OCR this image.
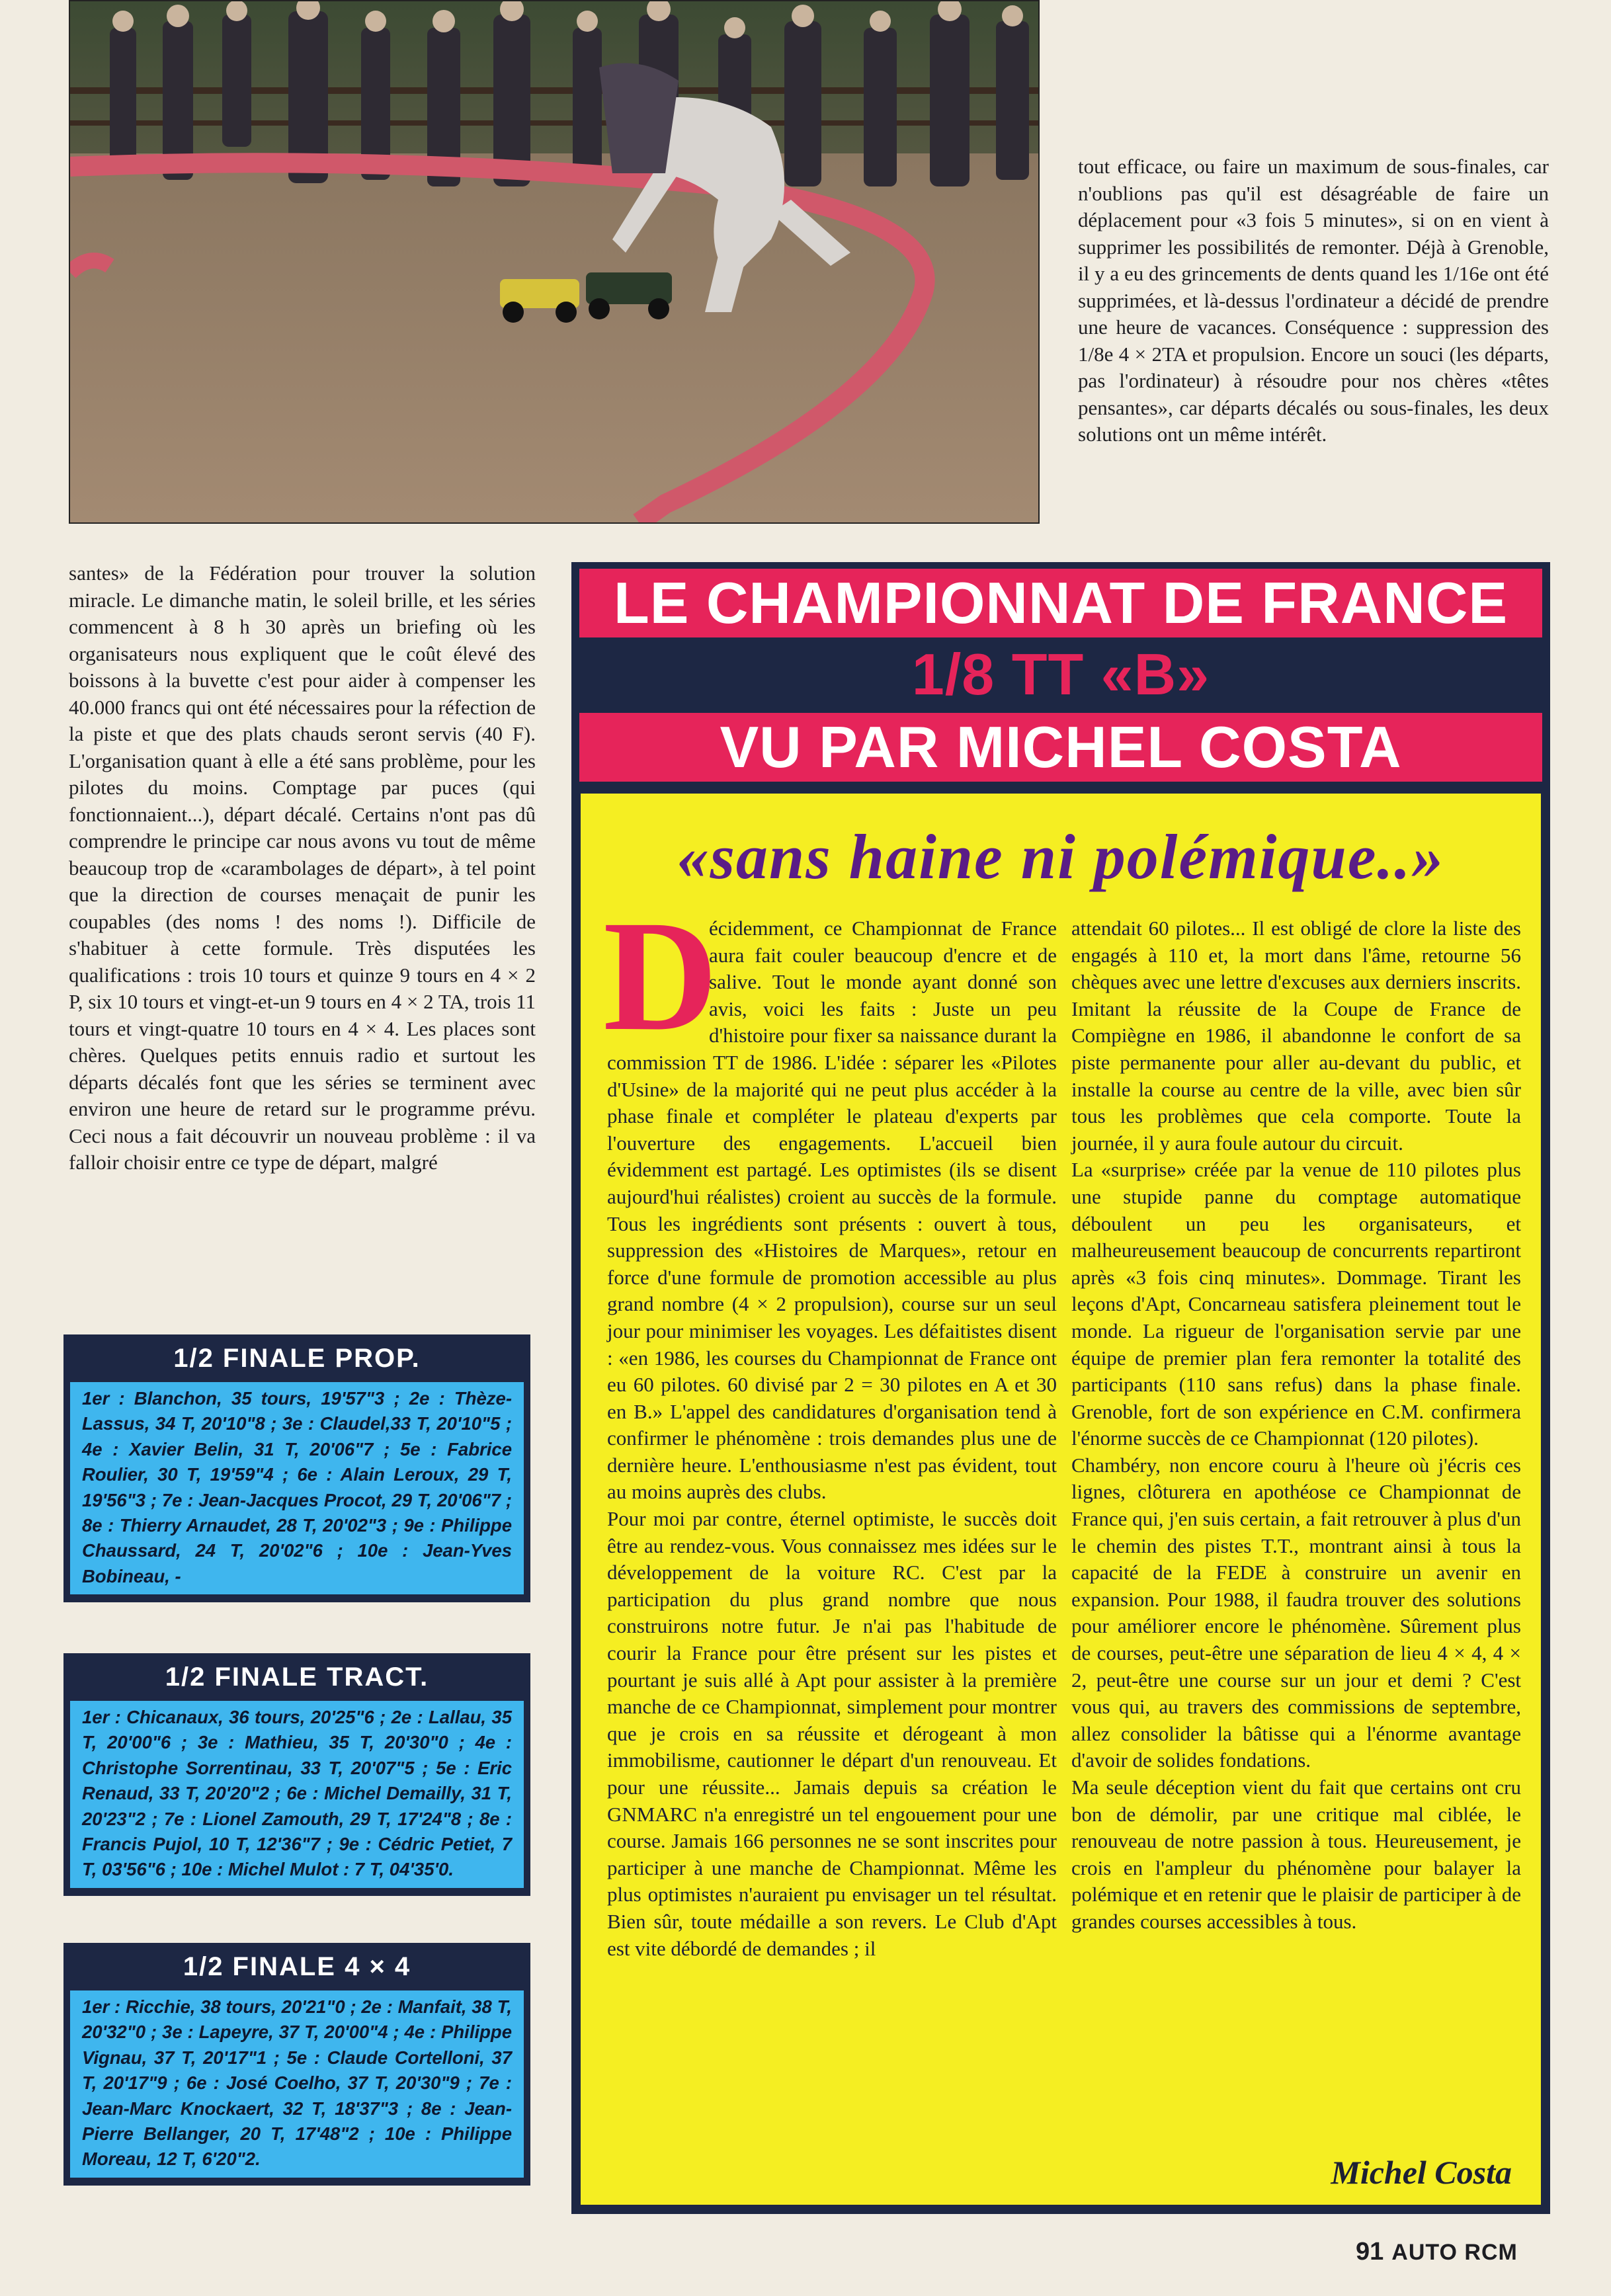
tout efficace, ou faire un maximum de sous-finales, car n'oublions pas qu'il est désagréable de faire un déplacement pour «3 fois 5 minutes», si on en vient à supprimer les possibilités de remonter. Déjà à Grenoble, il y a eu des grincements de dents quand les 1/16e ont été supprimées, et là-dessus l'ordinateur a décidé de prendre une heure de vacances. Conséquence : suppression des 1/8e 4 × 2TA et propulsion. Encore un souci (les départs, pas l'ordinateur) à résoudre pour nos chères «têtes pensantes», car départs décalés ou sous-finales, les deux solutions ont un même intérêt.
santes» de la Fédération pour trouver la solution miracle. Le dimanche matin, le soleil brille, et les séries commencent à 8 h 30 après un briefing où les organisateurs nous expliquent que le coût élevé des boissons à la buvette c'est pour aider à compenser les 40.000 francs qui ont été nécessaires pour la réfection de la piste et que des plats chauds seront servis (40 F). L'organisation quant à elle a été sans problème, pour les pilotes du moins. Comptage par puces (qui fonctionnaient...), départ décalé. Certains n'ont pas dû comprendre le principe car nous avons vu tout de même beaucoup trop de «carambolages de départ», à tel point que la direction de courses menaçait de punir les coupables (des noms ! des noms !). Difficile de s'habituer à cette formule. Très disputées les qualifications : trois 10 tours et quinze 9 tours en 4 × 2 P, six 10 tours et vingt-et-un 9 tours en 4 × 2 TA, trois 11 tours et vingt-quatre 10 tours en 4 × 4. Les places sont chères. Quelques petits ennuis radio et surtout les départs décalés font que les séries se terminent avec environ une heure de retard sur le programme prévu. Ceci nous a fait découvrir un nouveau problème : il va falloir choisir entre ce type de départ, malgré
LE CHAMPIONNAT DE FRANCE
1/8 TT «B»
VU PAR MICHEL COSTA
«sans haine ni polémique..»

D
écidemment, ce Championnat de France aura fait couler beaucoup d'encre et de salive. Tout le monde ayant donné son avis, voici les faits : Juste un peu d'histoire pour fixer sa naissance durant la commission TT de 1986. L'idée : séparer les «Pilotes d'Usine» de la majorité qui ne peut plus accéder à la phase finale et compléter le plateau d'experts par l'ouverture des engagements. L'accueil bien évidemment est partagé. Les optimistes (ils se disent aujourd'hui réalistes) croient au succès de la formule. Tous les ingrédients sont présents : ouvert à tous, suppression des «Histoires de Marques», retour en force d'une formule de promotion accessible au plus grand nombre (4 × 2 propulsion), course sur un seul jour pour minimiser les voyages. Les défaitistes disent : «en 1986, les courses du Championnat de France ont eu 60 pilotes. 60 divisé par 2 = 30 pilotes en A et 30 en B.» L'appel des candidatures d'organisation tend à confirmer le phénomène : trois demandes plus une de dernière heure. L'enthousiasme n'est pas évident, tout au moins auprès des clubs.

Pour moi par contre, éternel optimiste, le succès doit être au rendez-vous. Vous connaissez mes idées sur le développement de la voiture RC. C'est par la participation du plus grand nombre que nous construirons notre futur. Je n'ai pas l'habitude de courir la France pour être présent sur les pistes et pourtant je suis allé à Apt pour assister à la première manche de ce Championnat, simplement pour montrer que je crois en sa réussite et dérogeant à mon immobilisme, cautionner le départ d'un renouveau. Et pour une réussite... Jamais depuis sa création le GNMARC n'a enregistré un tel engouement pour une course. Jamais 166 personnes ne se sont inscrites pour participer à une manche de Championnat. Même les plus optimistes n'auraient pu envisager un tel résultat. Bien sûr, toute médaille a son revers. Le Club d'Apt est vite débordé de demandes ; il

attendait 60 pilotes... Il est obligé de clore la liste des engagés à 110 et, la mort dans l'âme, retourne 56 chèques avec une lettre d'excuses aux derniers inscrits. Imitant la réussite de la Coupe de France de Compiègne en 1986, il abandonne le confort de sa piste permanente pour aller au-devant du public, et installe la course au centre de la ville, avec bien sûr tous les problèmes que cela comporte. Toute la journée, il y aura foule autour du circuit.

La «surprise» créée par la venue de 110 pilotes plus une stupide panne du comptage automatique déboulent un peu les organisateurs, et malheureusement beaucoup de concurrents repartiront après «3 fois cinq minutes». Dommage. Tirant les leçons d'Apt, Concarneau satisfera pleinement tout le monde. La rigueur de l'organisation servie par une équipe de premier plan fera remonter la totalité des participants (110 sans refus) dans la phase finale. Grenoble, fort de son expérience en C.M. confirmera l'énorme succès de ce Championnat (120 pilotes).

Chambéry, non encore couru à l'heure où j'écris ces lignes, clôturera en apothéose ce Championnat de France qui, j'en suis certain, a fait retrouver à plus d'un le chemin des pistes T.T., montrant ainsi à tous la capacité de la FEDE à construire un avenir en expansion. Pour 1988, il faudra trouver des solutions pour améliorer encore le phénomène. Sûrement plus de courses, peut-être une séparation de lieu 4 × 4, 4 × 2, peut-être une course sur un jour et demi ? C'est vous qui, au travers des commissions de septembre, allez consolider la bâtisse qui a l'énorme avantage d'avoir de solides fondations.

Ma seule déception vient du fait que certains ont cru bon de démolir, par une critique mal ciblée, le renouveau de notre passion à tous. Heureusement, je crois en l'ampleur du phénomène pour balayer la polémique et en retenir que le plaisir de participer à de grandes courses accessibles à tous.

Michel Costa
1/2 FINALE PROP.

1er : Blanchon, 35 tours, 19'57"3 ; 2e : Thèze-Lassus, 34 T, 20'10"8 ; 3e : Claudel,33 T, 20'10"5 ; 4e : Xavier Belin, 31 T, 20'06"7 ; 5e : Fabrice Roulier, 30 T, 19'59"4 ; 6e : Alain Leroux, 29 T, 19'56"3 ; 7e : Jean-Jacques Procot, 29 T, 20'06"7 ; 8e : Thierry Arnaudet, 28 T, 20'02"3 ; 9e : Philippe Chaussard, 24 T, 20'02"6 ; 10e : Jean-Yves Bobineau, -

1/2 FINALE TRACT.

1er : Chicanaux, 36 tours, 20'25"6 ; 2e : Lallau, 35 T, 20'00"6 ; 3e : Mathieu, 35 T, 20'30"0 ; 4e : Christophe Sorrentinau, 33 T, 20'07"5 ; 5e : Eric Renaud, 33 T, 20'20"2 ; 6e : Michel Demailly, 31 T, 20'23"2 ; 7e : Lionel Zamouth, 29 T, 17'24"8 ; 8e : Francis Pujol, 10 T, 12'36"7 ; 9e : Cédric Petiet, 7 T, 03'56"6 ; 10e : Michel Mulot : 7 T, 04'35'0.

1/2 FINALE 4 × 4

1er : Ricchie, 38 tours, 20'21"0 ; 2e : Manfait, 38 T, 20'32"0 ; 3e : Lapeyre, 37 T, 20'00"4 ; 4e : Philippe Vignau, 37 T, 20'17"1 ; 5e : Claude Cortelloni, 37 T, 20'17"9 ; 6e : José Coelho, 37 T, 20'30"9 ; 7e : Jean-Marc Knockaert, 32 T, 18'37"3 ; 8e : Jean-Pierre Bellanger, 20 T, 17'48"2 ; 10e : Philippe Moreau, 12 T, 6'20"2.

91 AUTO RCM
